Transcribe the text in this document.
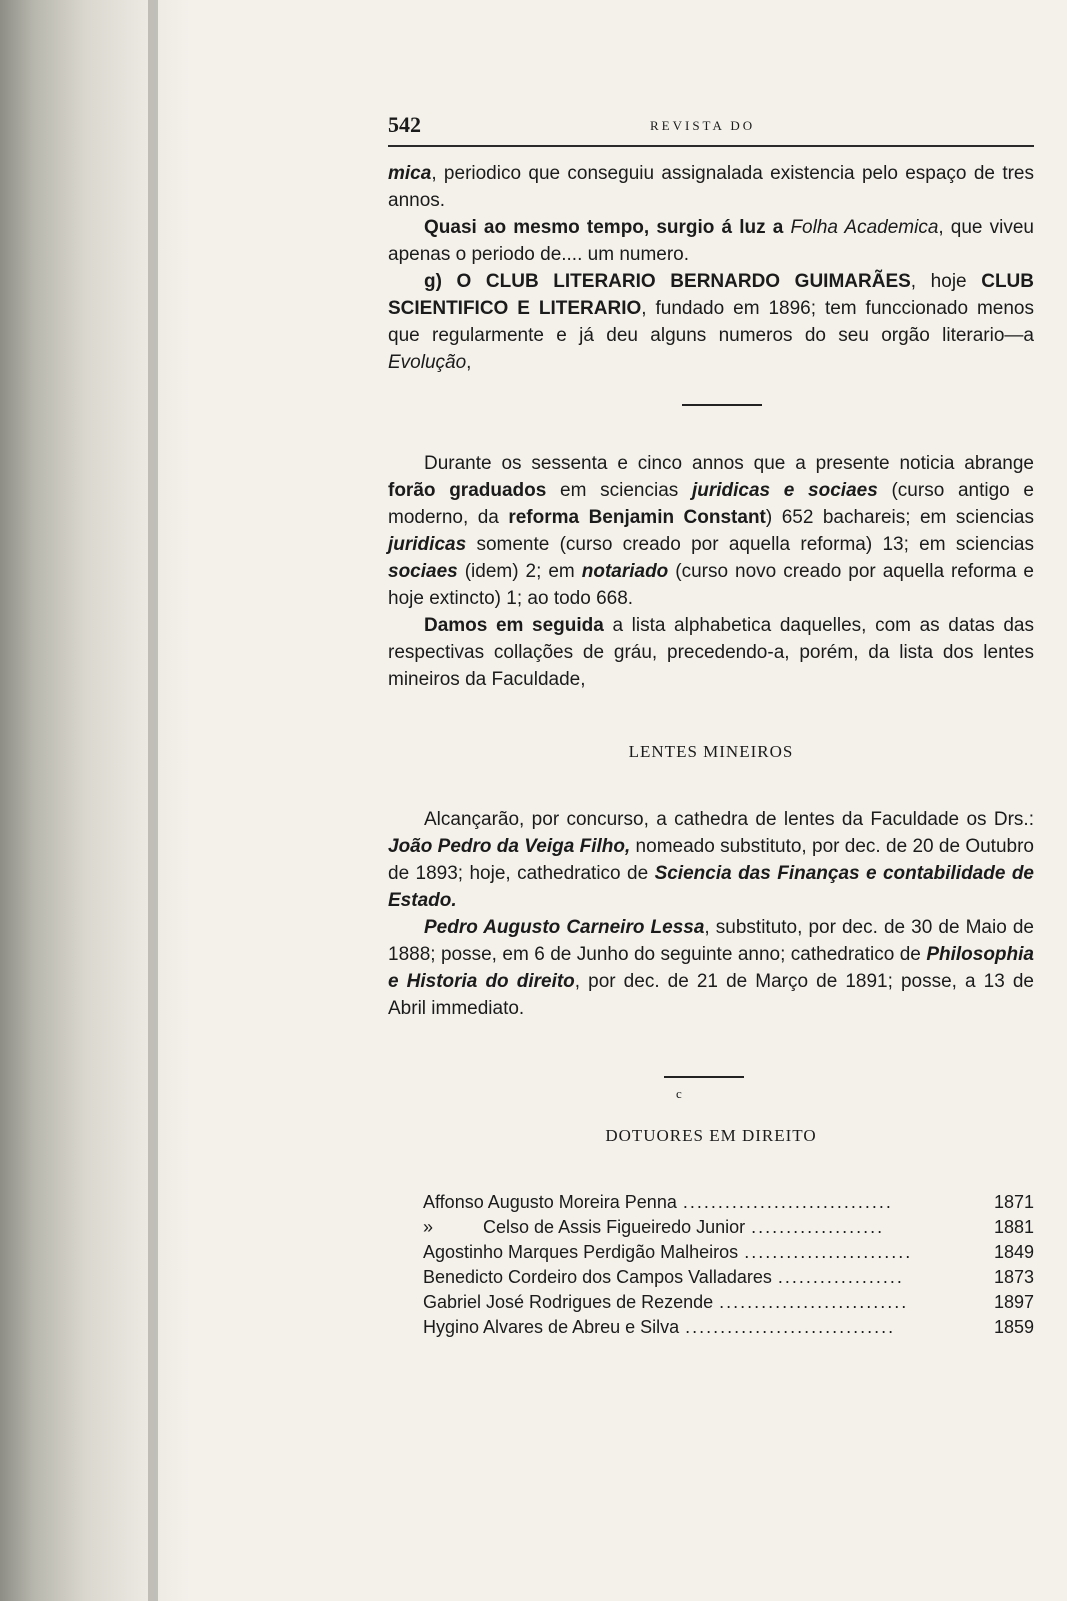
542	REVISTA DO

mica, periodico que conseguiu assignalada existencia pelo espaço de tres annos.

Quasi ao mesmo tempo, surgio á luz a Folha Academica, que viveu apenas o periodo de.... um numero.

g) O CLUB LITERARIO BERNARDO GUIMARÃES, hoje CLUB SCIENTIFICO E LITERARIO, fundado em 1896; tem funccionado menos que regularmente e já deu alguns numeros do seu orgão literario—a Evolução,

Durante os sessenta e cinco annos que a presente noticia abrange forão graduados em sciencias juridicas e sociaes (curso antigo e moderno, da reforma Benjamin Constant) 652 bachareis; em sciencias juridicas somente (curso creado por aquella reforma) 13; em sciencias sociaes (idem) 2; em notariado (curso novo creado por aquella reforma e hoje extincto) 1; ao todo 668.

Damos em seguida a lista alphabetica daquelles, com as datas das respectivas collações de gráu, precedendo-a, porém, da lista dos lentes mineiros da Faculdade,

LENTES MINEIROS

Alcançarão, por concurso, a cathedra de lentes da Faculdade os Drs.: João Pedro da Veiga Filho, nomeado substituto, por dec. de 20 de Outubro de 1893; hoje, cathedratico de Sciencia das Finanças e contabilidade de Estado.

Pedro Augusto Carneiro Lessa, substituto, por dec. de 30 de Maio de 1888; posse, em 6 de Junho do seguinte anno; cathedratico de Philosophia e Historia do direito, por dec. de 21 de Março de 1891; posse, a 13 de Abril immediato.

c
DOTUORES EM DIREITO
Affonso Augusto Moreira Penna ..............................	1871
»          Celso de Assis Figueiredo Junior ...................	1881
Agostinho Marques Perdigão Malheiros ........................	1849
Benedicto Cordeiro dos Campos Valladares ..................	1873
Gabriel José Rodrigues de Rezende ...........................	1897
Hygino Alvares de Abreu e Silva ..............................	1859
